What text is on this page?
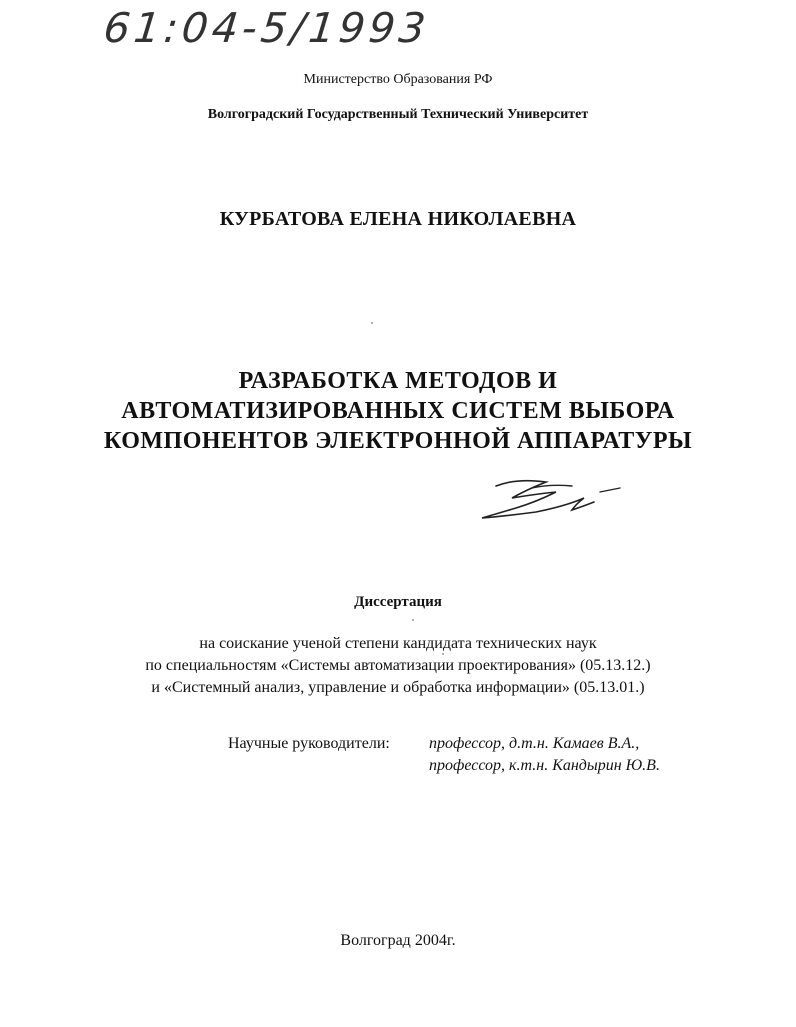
61:04-5/1993
Министерство Образования РФ
Волгоградский Государственный Технический Университет
КУРБАТОВА ЕЛЕНА НИКОЛАЕВНА
РАЗРАБОТКА МЕТОДОВ И
АВТОМАТИЗИРОВАННЫХ СИСТЕМ ВЫБОРА
КОМПОНЕНТОВ ЭЛЕКТРОННОЙ АППАРАТУРЫ
Диссертация
на соискание ученой степени кандидата технических наук
по специальностям «Системы автоматизации проектирования» (05.13.12.)
и «Системный анализ, управление и обработка информации» (05.13.01.)
Научные руководители: профессор, д.т.н. Камаев В.А.,
профессор, к.т.н. Кандырин Ю.В.
Волгоград 2004г.
